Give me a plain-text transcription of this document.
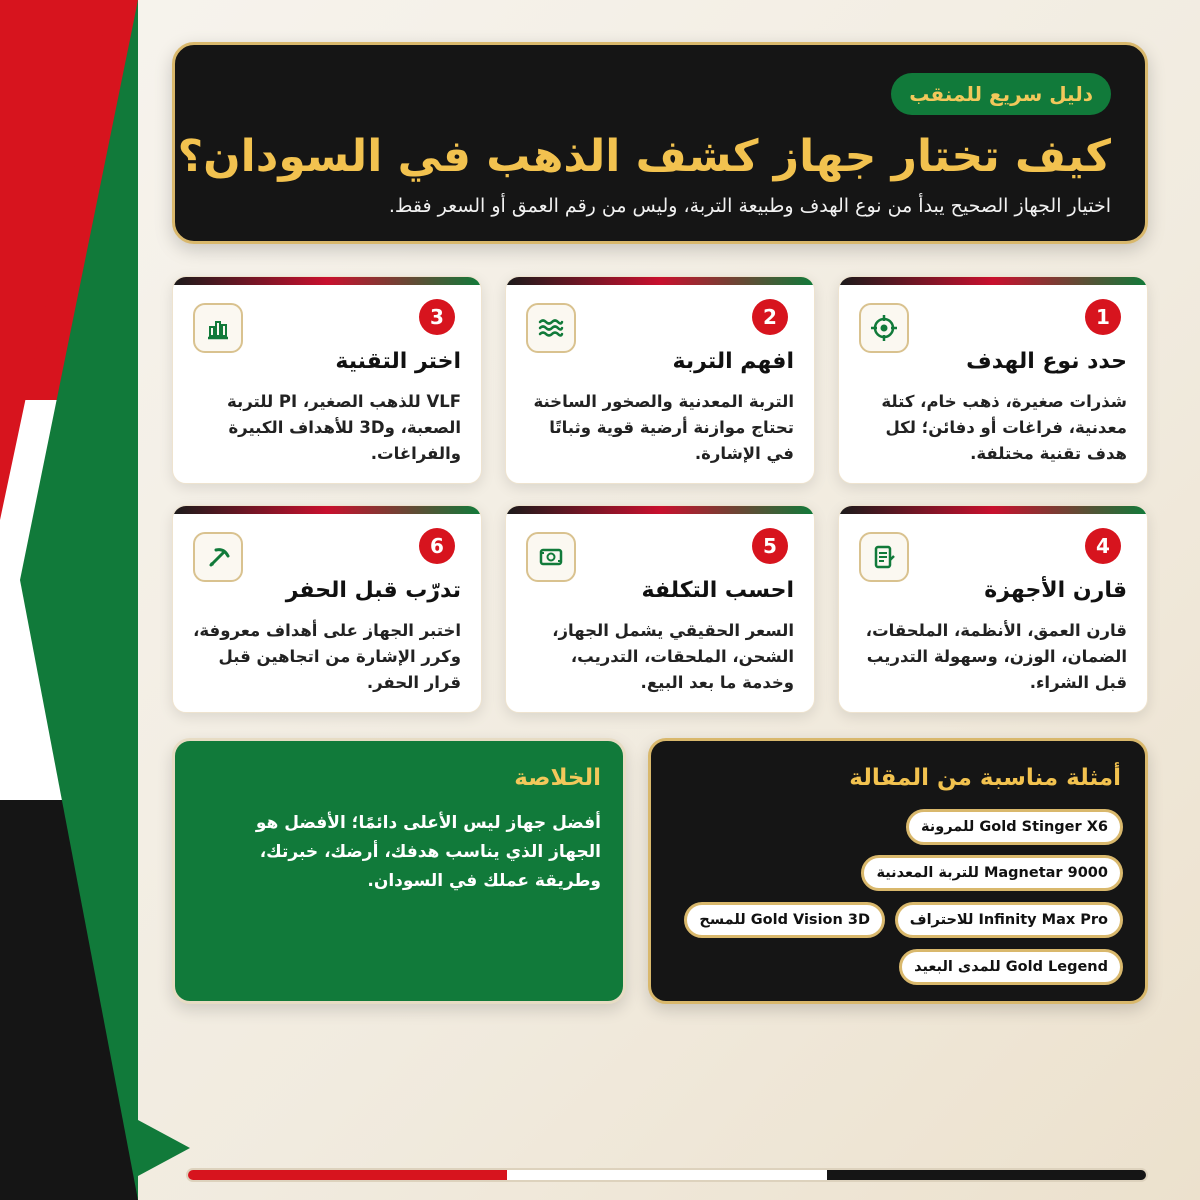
دليل سريع للمنقب
كيف تختار جهاز كشف الذهب في السودان؟
اختيار الجهاز الصحيح يبدأ من نوع الهدف وطبيعة التربة، وليس من رقم العمق أو السعر فقط.
1
حدد نوع الهدف
شذرات صغيرة، ذهب خام، كتلة معدنية، فراغات أو دفائن؛ لكل هدف تقنية مختلفة.
2
افهم التربة
التربة المعدنية والصخور الساخنة تحتاج موازنة أرضية قوية وثباتًا في الإشارة.
3
اختر التقنية
VLF للذهب الصغير، PI للتربة الصعبة، و3D للأهداف الكبيرة والفراغات.
4
قارن الأجهزة
قارن العمق، الأنظمة، الملحقات، الضمان، الوزن، وسهولة التدريب قبل الشراء.
5
احسب التكلفة
السعر الحقيقي يشمل الجهاز، الشحن، الملحقات، التدريب، وخدمة ما بعد البيع.
6
تدرّب قبل الحفر
اختبر الجهاز على أهداف معروفة، وكرر الإشارة من اتجاهين قبل قرار الحفر.
الخلاصة
أفضل جهاز ليس الأعلى دائمًا؛ الأفضل هو الجهاز الذي يناسب هدفك، أرضك، خبرتك، وطريقة عملك في السودان.
أمثلة مناسبة من المقالة
Gold Stinger X6 للمرونة
Magnetar 9000 للتربة المعدنية
Infinity Max Pro للاحتراف
Gold Vision 3D للمسح
Gold Legend للمدى البعيد
